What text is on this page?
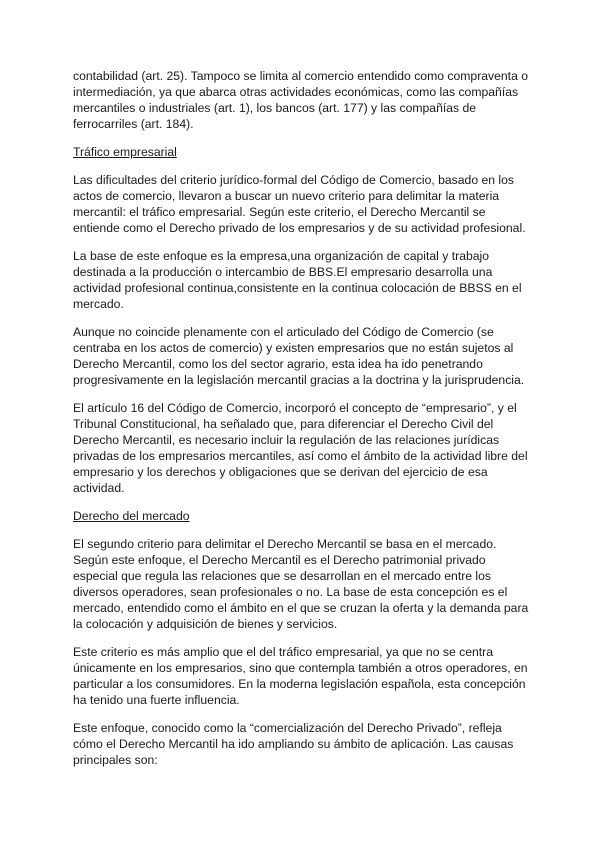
contabilidad (art. 25). Tampoco se limita al comercio entendido como compraventa o intermediación, ya que abarca otras actividades económicas, como las compañías mercantiles o industriales (art. 1), los bancos (art. 177) y las compañías de ferrocarriles (art. 184).

Tráfico empresarial

Las dificultades del criterio jurídico-formal del Código de Comercio, basado en los actos de comercio, llevaron a buscar un nuevo criterio para delimitar la materia mercantil: el tráfico empresarial. Según este criterio, el Derecho Mercantil se entiende como el Derecho privado de los empresarios y de su actividad profesional.

La base de este enfoque es la empresa,una organización de capital y trabajo destinada a la producción o intercambio de BBS.El empresario desarrolla una actividad profesional continua,consistente en la continua colocación de BBSS en el mercado.

Aunque no coincide plenamente con el articulado del Código de Comercio (se centraba en los actos de comercio) y existen empresarios que no están sujetos al Derecho Mercantil, como los del sector agrario, esta idea ha ido penetrando progresivamente en la legislación mercantil gracias a la doctrina y la jurisprudencia.

El artículo 16 del Código de Comercio, incorporó el concepto de “empresario”, y el Tribunal Constitucional, ha señalado que, para diferenciar el Derecho Civil del Derecho Mercantil, es necesario incluir la regulación de las relaciones jurídicas privadas de los empresarios mercantiles, así como el ámbito de la actividad libre del empresario y los derechos y obligaciones que se derivan del ejercicio de esa actividad.

Derecho del mercado

El segundo criterio para delimitar el Derecho Mercantil se basa en el mercado. Según este enfoque, el Derecho Mercantil es el Derecho patrimonial privado especial que regula las relaciones que se desarrollan en el mercado entre los diversos operadores, sean profesionales o no. La base de esta concepción es el mercado, entendido como el ámbito en el que se cruzan la oferta y la demanda para la colocación y adquisición de bienes y servicios.

Este criterio es más amplio que el del tráfico empresarial, ya que no se centra únicamente en los empresarios, sino que contempla también a otros operadores, en particular a los consumidores. En la moderna legislación española, esta concepción ha tenido una fuerte influencia.

Este enfoque, conocido como la “comercialización del Derecho Privado”, refleja cómo el Derecho Mercantil ha ido ampliando su ámbito de aplicación. Las causas principales son:
